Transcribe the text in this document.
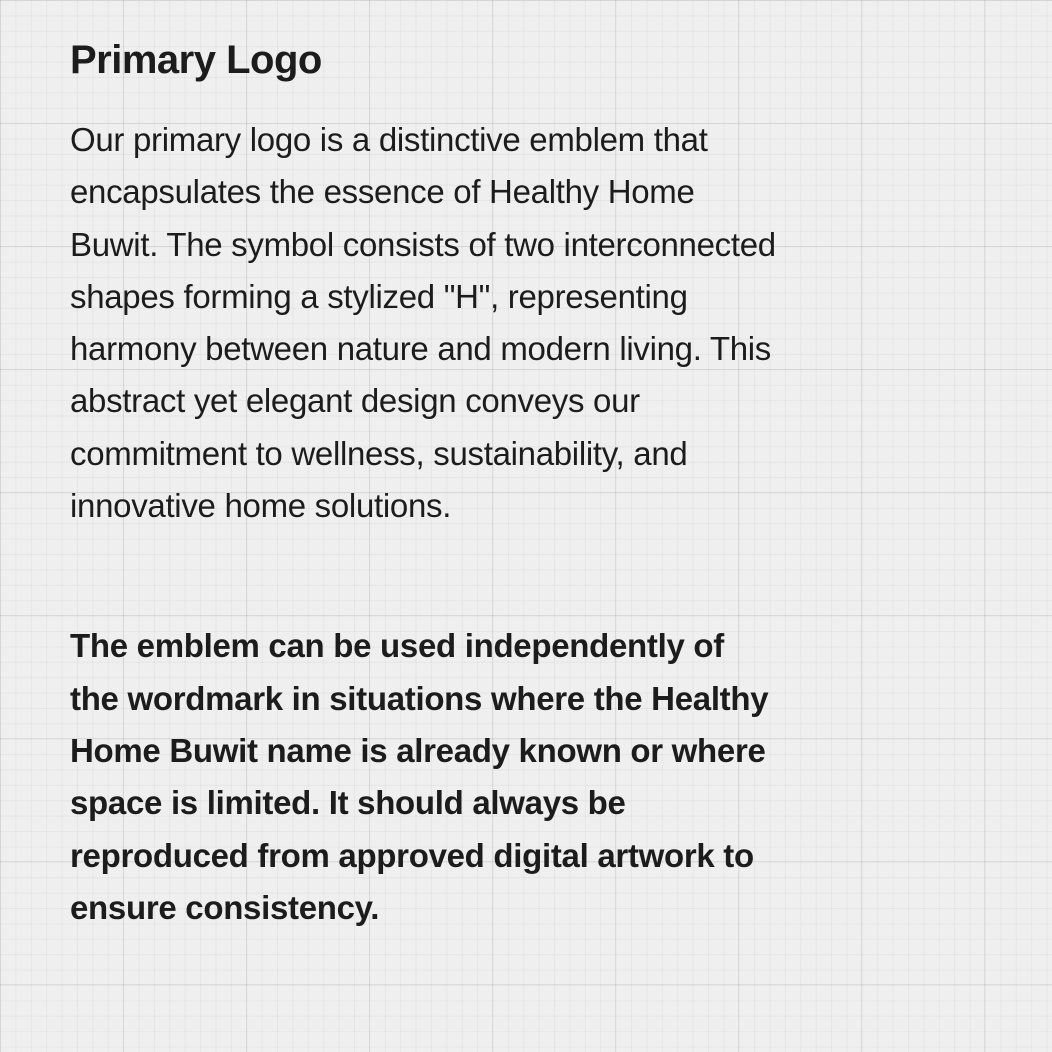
Primary Logo

Our primary logo is a distinctive emblem that encapsulates the essence of Healthy Home Buwit. The symbol consists of two interconnected shapes forming a stylized "H", representing harmony between nature and modern living. This abstract yet elegant design conveys our commitment to wellness, sustainability, and innovative home solutions.

The emblem can be used independently of the wordmark in situations where the Healthy Home Buwit name is already known or where space is limited. It should always be reproduced from approved digital artwork to ensure consistency.
